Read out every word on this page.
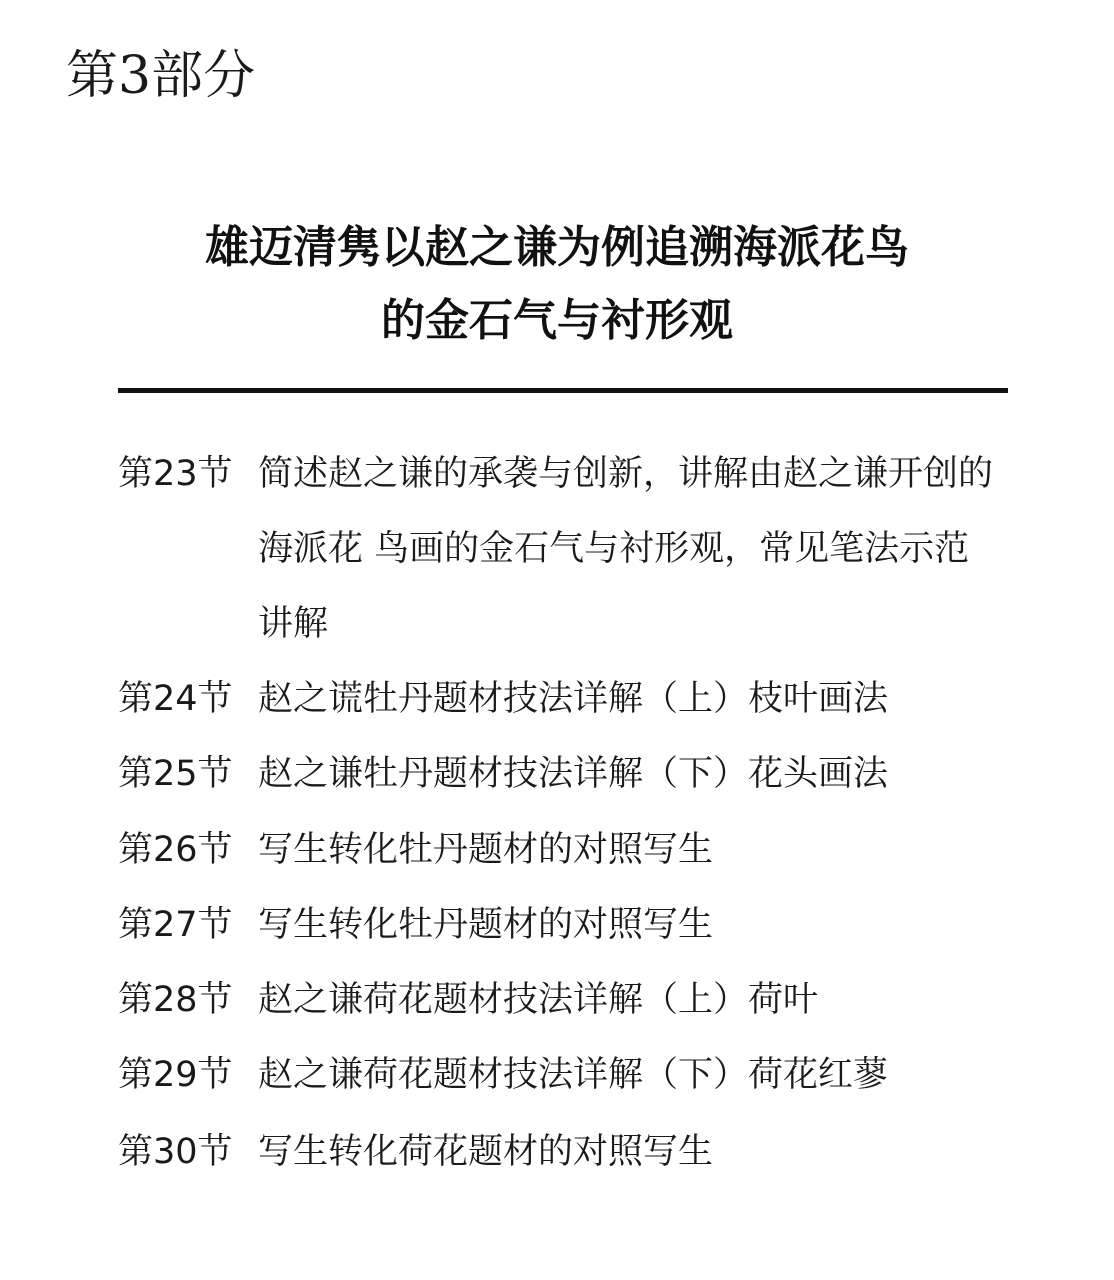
第3部分
雄迈清隽以赵之谦为例追溯海派花鸟
的金石气与衬形观
第23节 简述赵之谦的承袭与创新，讲解由赵之谦开创的
海派花 鸟画的金石气与衬形观，常见笔法示范
讲解
第24节 赵之谎牡丹题材技法详解（上）枝叶画法
第25节 赵之谦牡丹题材技法详解（下）花头画法
第26节 写生转化牡丹题材的对照写生
第27节 写生转化牡丹题材的对照写生
第28节 赵之谦荷花题材技法详解（上）荷叶
第29节 赵之谦荷花题材技法详解（下）荷花红蓼
第30节 写生转化荷花题材的对照写生
